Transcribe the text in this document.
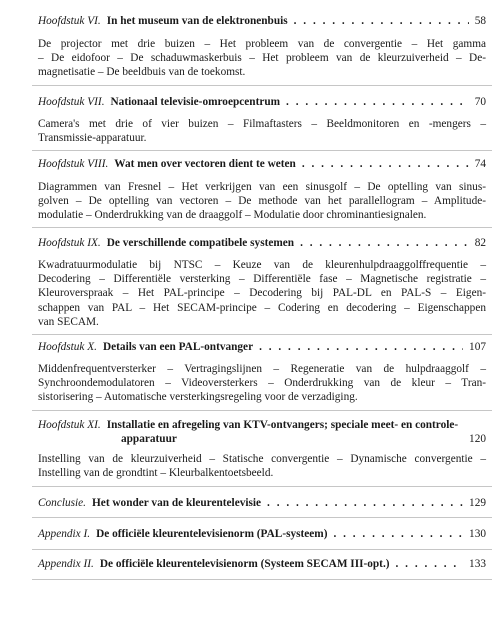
Hoofdstuk VI. In het museum van de elektronenbuis . . .	58
De projector met drie buizen – Het probleem van de convergentie – Het gamma
– De eidofoor – De schaduwmaskerbuis – Het probleem van de kleurzuiverheid – De-
magnetisatie – De beeldbuis van de toekomst.
Hoofdstuk VII. Nationaal televisie-omroepcentrum . . .	70
Camera's met drie of vier buizen – Filmaftasters – Beeldmonitoren en -mengers –
Transmissie-apparatuur.
Hoofdstuk VIII. Wat men over vectoren dient te weten . . .	74
Diagrammen van Fresnel – Het verkrijgen van een sinusgolf – De optelling van sinus-
golven – De optelling van vectoren – De methode van het parallellogram – Amplitude-
modulatie – Onderdrukking van de draaggolf – Modulatie door chrominantiesignalen.
Hoofdstuk IX. De verschillende compatibele systemen . . .	82
Kwadratuurmodulatie bij NTSC – Keuze van de kleurenhulpdraaggolffrequentie –
Decodering – Differentiële versterking – Differentiële fase – Magnetische registratie –
Kleuroverspraak – Het PAL-principe – Decodering bij PAL-DL en PAL-S – Eigen-
schappen van PAL – Het SECAM-principe – Codering en decodering – Eigenschappen
van SECAM.
Hoofdstuk X. Details van een PAL-ontvanger . . .	107
Middenfrequentversterker – Vertragingslijnen – Regeneratie van de hulpdraaggolf –
Synchroondemodulatoren – Videoversterkers – Onderdrukking van de kleur – Tran-
sistorisering – Automatische versterkingsregeling voor de verzadiging.
Hoofdstuk XI. Installatie en afregeling van KTV-ontvangers; speciale meet- en controle-
apparatuur	120
Instelling van de kleurzuiverheid – Statische convergentie – Dynamische convergentie –
Instelling van de grondtint – Kleurbalkentoetsbeeld.
Conclusie. Het wonder van de kleurentelevisie . . .	129
Appendix I. De officiële kleurentelevisienorm (PAL-systeem) . . .	130
Appendix II. De officiële kleurentelevisienorm (Systeem SECAM III-opt.) . . .	133
